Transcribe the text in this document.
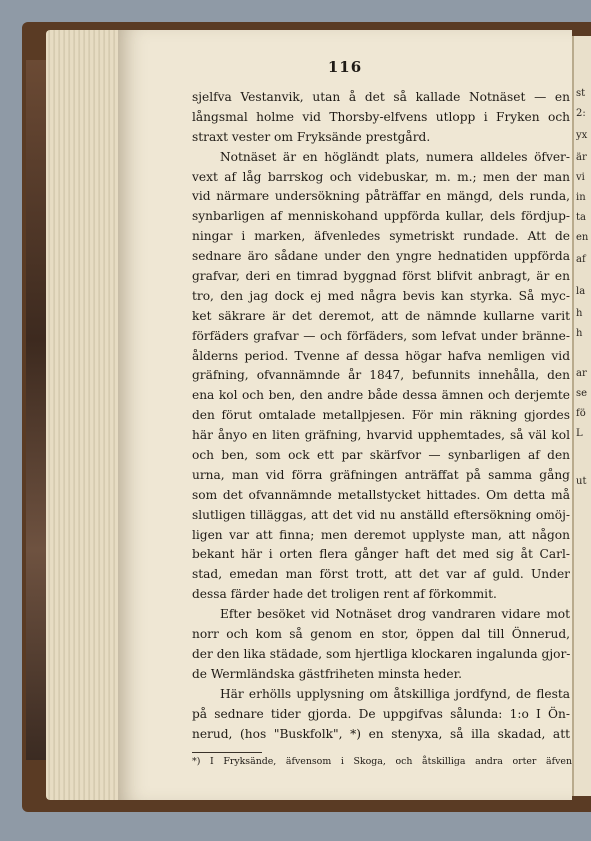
116
sjelfva Vestanvik, utan å det så kallade Notnäset — en
långsmal holme vid Thorsby-elfvens utlopp i Fryken och
straxt vester om Fryksände prestgård.
Notnäset är en högländt plats, numera alldeles öfver-
vext af låg barrskog och videbuskar, m. m.; men der man
vid närmare undersökning påträffar en mängd, dels runda,
synbarligen af menniskohand uppförda kullar, dels fördjup-
ningar i marken, äfvenledes symetriskt rundade. Att de
sednare äro sådane under den yngre hednatiden uppförda
grafvar, deri en timrad byggnad först blifvit anbragt, är en
tro, den jag dock ej med några bevis kan styrka. Så myc-
ket säkrare är det deremot, att de nämnde kullarne varit
förfäders grafvar — och förfäders, som lefvat under bränne-
ålderns period. Tvenne af dessa högar hafva nemligen vid
gräfning, ofvannämnde år 1847, befunnits innehålla, den
ena kol och ben, den andre både dessa ämnen och derjemte
den förut omtalade metallpjesen. För min räkning gjordes
här ånyo en liten gräfning, hvarvid upphemtades, så väl kol
och ben, som ock ett par skärfvor — synbarligen af den
urna, man vid förra gräfningen anträffat på samma gång
som det ofvannämnde metallstycket hittades. Om detta må
slutligen tilläggas, att det vid nu anställd eftersökning omöj-
ligen var att finna; men deremot upplyste man, att någon
bekant här i orten flera gånger haft det med sig åt Carl-
stad, emedan man först trott, att det var af guld. Under
dessa färder hade det troligen rent af förkommit.
Efter besöket vid Notnäset drog vandraren vidare mot
norr och kom så genom en stor, öppen dal till Önnerud,
der den lika städade, som hjertliga klockaren ingalunda gjor-
de Wermländska gästfriheten minsta heder.
Här erhölls upplysning om åtskilliga jordfynd, de flesta
på sednare tider gjorda. De uppgifvas sålunda: 1:o I Ön-
nerud, (hos "Buskfolk", *) en stenyxa, så illa skadad, att
*) I Fryksände, äfvensom i Skoga, och åtskilliga andra orter äfven
st
2:
yx
är
vi
in
ta
en
af
la
h
h
ar
se
fö
L
ut
